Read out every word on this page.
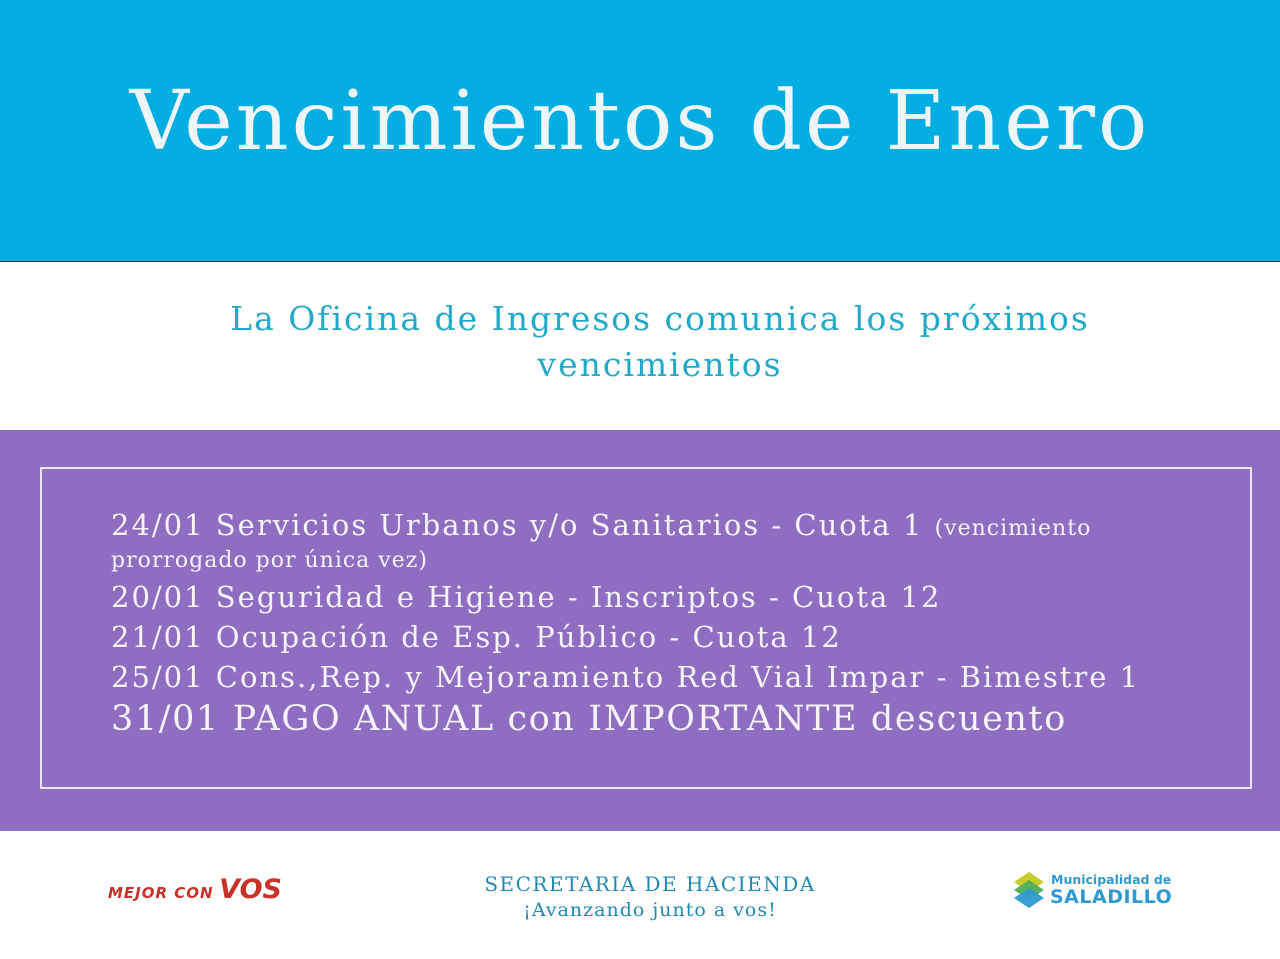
Vencimientos de Enero
La Oficina de Ingresos comunica los próximos vencimientos
24/01 Servicios Urbanos y/o Sanitarios - Cuota 1 (vencimiento
prorrogado por única vez)
20/01 Seguridad e Higiene - Inscriptos - Cuota 12
21/01 Ocupación de Esp. Público - Cuota 12
25/01 Cons.,Rep. y Mejoramiento Red Vial Impar - Bimestre 1
31/01 PAGO ANUAL con IMPORTANTE descuento
MEJOR CON VOS	SECRETARIA DE HACIENDA
¡Avanzando junto a vos!
Municipalidad de
SALADILLO
